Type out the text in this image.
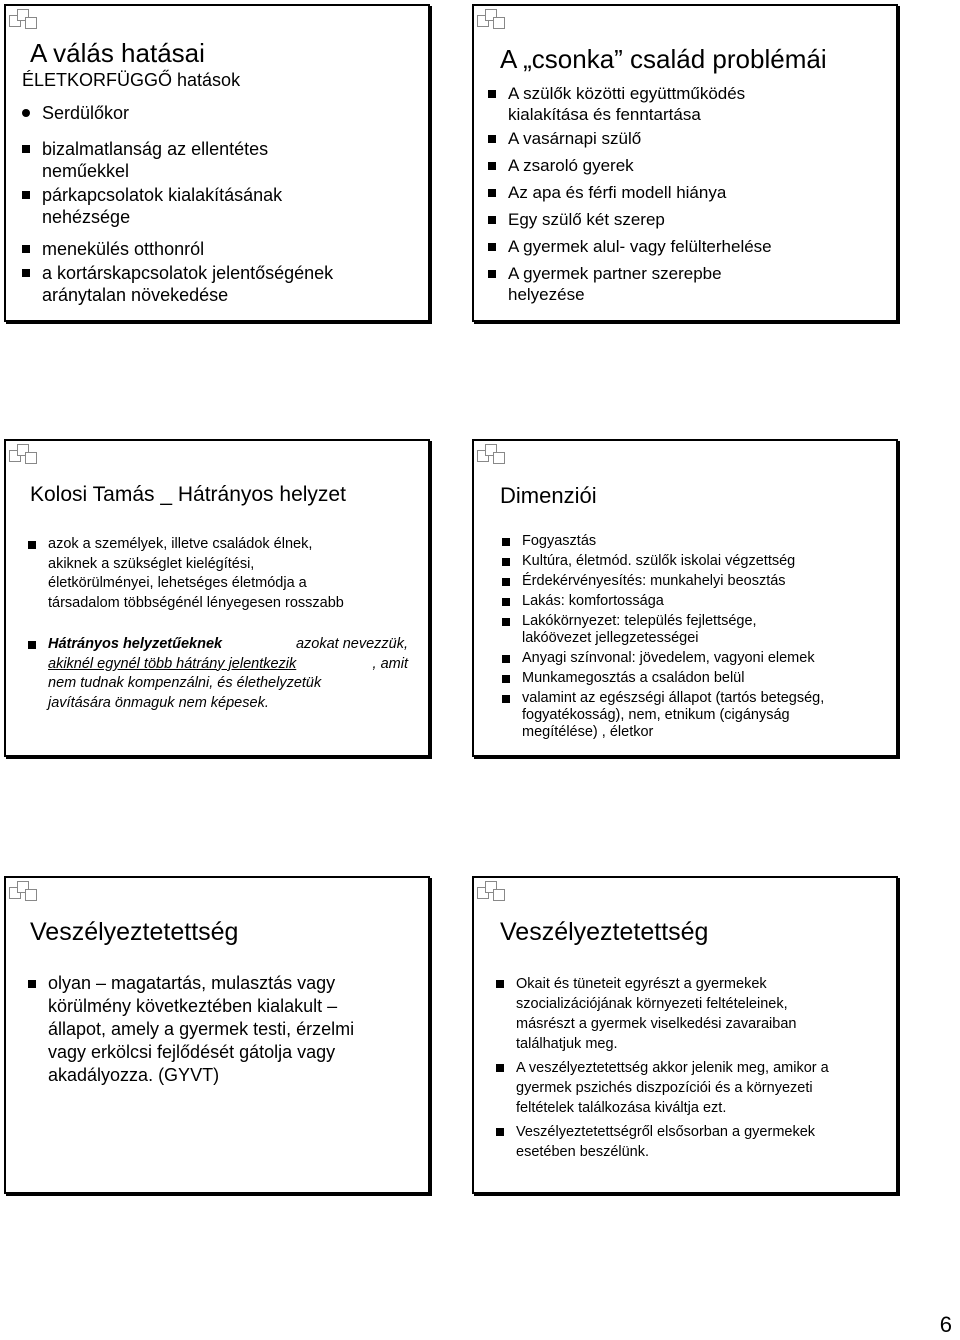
A válás hatásai
ÉLETKORFÜGGŐ hatások
Serdülőkor
bizalmatlanság az ellentétes
neműekkel
párkapcsolatok kialakításának
nehézsége
menekülés otthonról
a kortárskapcsolatok jelentőségének
aránytalan növekedése
A „csonka” család problémái
A szülők közötti együttműködés
kialakítása és fenntartása
A vasárnapi szülő
A zsaroló gyerek
Az apa és férfi modell hiánya
Egy szülő két szerep
A gyermek alul- vagy felülterhelése
A gyermek partner szerepbe
helyezése
Kolosi Tamás _ Hátrányos helyzet
azok a személyek, illetve családok élnek,
akiknek a szükséglet kielégítési,
életkörülményei, lehetséges életmódja a
társadalom többségénél lényegesen rosszabb
Hátrányos helyzetűeknek	azokat nevezzük,
akiknél egynél több hátrány jelentkezik	, amit
nem tudnak kompenzálni, és élethelyzetük
javítására önmaguk nem képesek.
Dimenziói
Fogyasztás
Kultúra, életmód. szülők iskolai végzettség
Érdekérvényesítés: munkahelyi beosztás
Lakás: komfortossága
Lakókörnyezet: település fejlettsége,
lakóövezet jellegzetességei
Anyagi színvonal: jövedelem, vagyoni elemek
Munkamegosztás a családon belül
valamint az egészségi állapot (tartós betegség,
fogyatékosság), nem, etnikum (cigányság
megítélése) , életkor
Veszélyeztetettség
olyan – magatartás, mulasztás vagy
körülmény következtében kialakult –
állapot, amely a gyermek testi, érzelmi
vagy erkölcsi fejlődését gátolja vagy
akadályozza. (GYVT)
Veszélyeztetettség
Okait és tüneteit egyrészt a gyermekek
szocializációjának környezeti feltételeinek,
másrészt a gyermek viselkedési zavaraiban
találhatjuk meg.
A veszélyeztetettség akkor jelenik meg, amikor a
gyermek pszichés diszpozíciói és a környezeti
feltételek találkozása kiváltja ezt.
Veszélyeztetettségről elsősorban a gyermekek
esetében beszélünk.
6
